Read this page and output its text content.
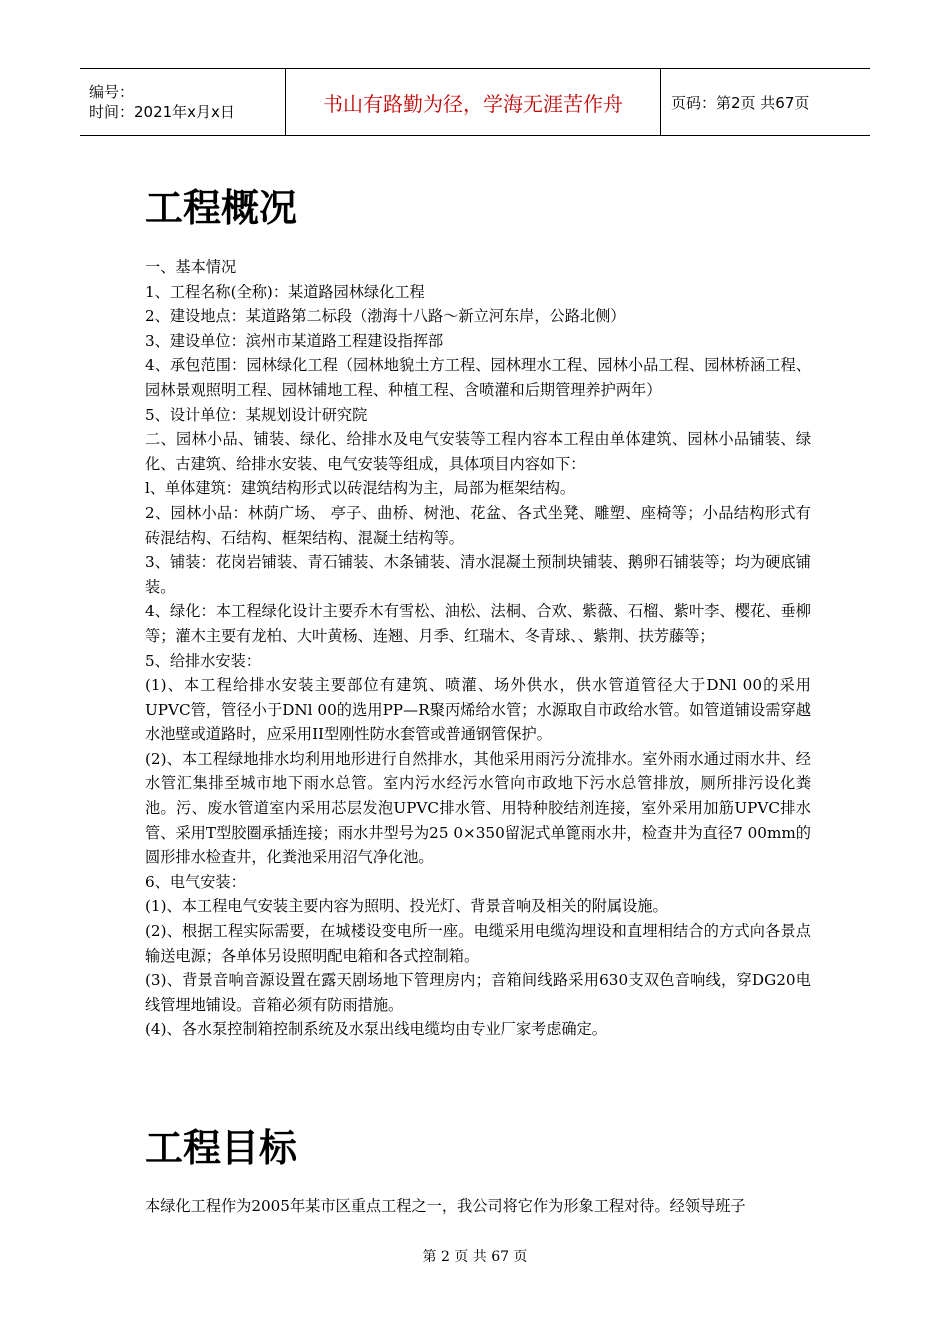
编号：
时间：2021年x月x日	书山有路勤为径，学海无涯苦作舟	页码：第2页 共67页
工程概况

一、基本情况

1、工程名称(全称)：某道路园林绿化工程

2、建设地点：某道路第二标段（渤海十八路～新立河东岸，公路北侧）

3、建设单位：滨州市某道路工程建设指挥部

4、承包范围：园林绿化工程（园林地貌土方工程、园林理水工程、园林小品工程、园林桥涵工程、园林景观照明工程、园林铺地工程、种植工程、含喷灌和后期管理养护两年）

5、设计单位：某规划设计研究院

二、园林小品、铺装、绿化、给排水及电气安装等工程内容本工程由单体建筑、园林小品铺装、绿化、古建筑、给排水安装、电气安装等组成，具体项目内容如下：

l、单体建筑：建筑结构形式以砖混结构为主，局部为框架结构。

2、园林小品：林荫广场、 亭子、曲桥、树池、花盆、各式坐凳、雕塑、座椅等；小品结构形式有砖混结构、石结构、框架结构、混凝土结构等。

3、铺装：花岗岩铺装、青石铺装、木条铺装、清水混凝土预制块铺装、鹅卵石铺装等；均为硬底铺装。

4、绿化：本工程绿化设计主要乔木有雪松、油松、法桐、合欢、紫薇、石榴、紫叶李、樱花、垂柳等；灌木主要有龙柏、大叶黄杨、连翘、月季、红瑞木、冬青球、、紫荆、扶芳藤等；

5、给排水安装：

(1)、本工程给排水安装主要部位有建筑、喷灌、场外供水，供水管道管径大于DNl 00的采用UPVC管，管径小于DNl 00的选用PP—R聚丙烯给水管；水源取自市政给水管。如管道铺设需穿越水池壁或道路时，应采用II型刚性防水套管或普通钢管保护。

(2)、本工程绿地排水均利用地形进行自然排水，其他采用雨污分流排水。室外雨水通过雨水井、经水管汇集排至城市地下雨水总管。室内污水经污水管向市政地下污水总管排放，厕所排污设化粪池。污、废水管道室内采用芯层发泡UPVC排水管、用特种胶结剂连接，室外采用加筋UPVC排水管、采用T型胶圈承插连接；雨水井型号为25 0×350留泥式单篦雨水井，检查井为直径7 00mm的圆形排水检查井，化粪池采用沼气净化池。

6、电气安装：

(1)、本工程电气安装主要内容为照明、投光灯、背景音响及相关的附属设施。

(2)、根据工程实际需要，在城楼设变电所一座。电缆采用电缆沟埋设和直埋相结合的方式向各景点输送电源；各单体另设照明配电箱和各式控制箱。

(3)、背景音响音源设置在露天剧场地下管理房内；音箱间线路采用630支双色音响线，穿DG20电线管埋地铺设。音箱必须有防雨措施。

(4)、各水泵控制箱控制系统及水泵出线电缆均由专业厂家考虑确定。

工程目标

本绿化工程作为2005年某市区重点工程之一，我公司将它作为形象工程对待。经领导班子

第 2 页 共 67 页
